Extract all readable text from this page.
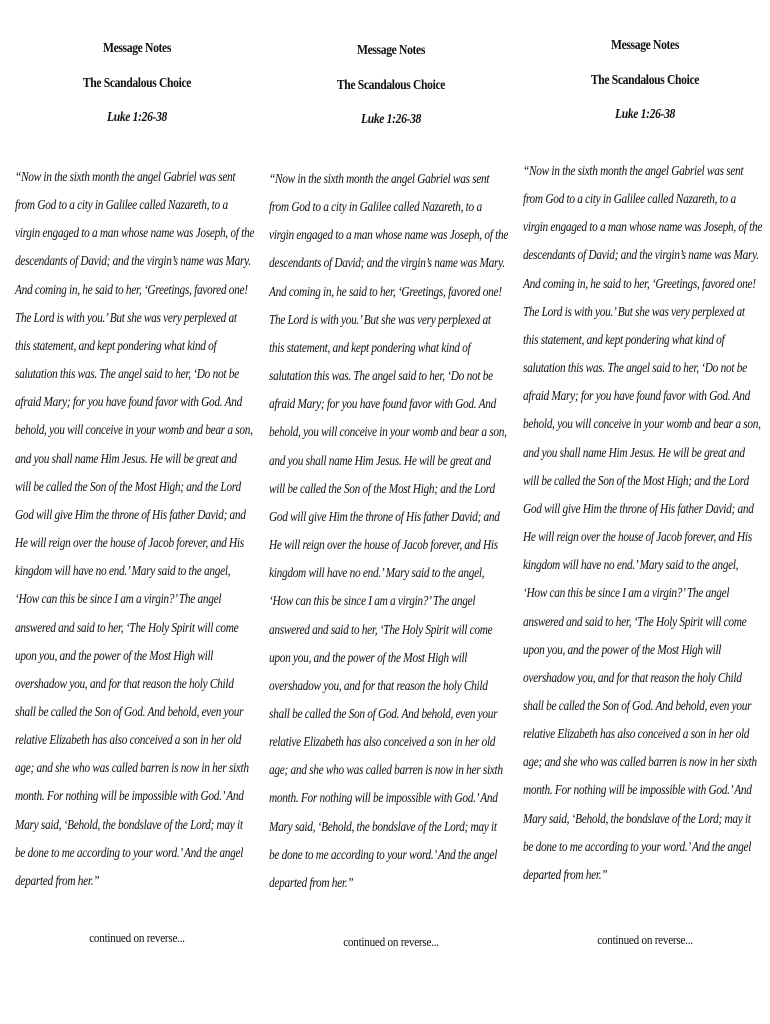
Message Notes
The Scandalous Choice
Luke 1:26-38

“Now in the sixth month the angel Gabriel was sent from God to a city in Galilee called Nazareth, to a virgin engaged to a man whose name was Joseph, of the descendants of David; and the virgin’s name was Mary. And coming in, he said to her, ‘Greetings, favored one! The Lord is with you.’ But she was very perplexed at this statement, and kept pondering what kind of salutation this was. The angel said to her, ‘Do not be afraid Mary; for you have found favor with God. And behold, you will conceive in your womb and bear a son, and you shall name Him Jesus. He will be great and will be called the Son of the Most High; and the Lord God will give Him the throne of His father David; and He will reign over the house of Jacob forever, and His kingdom will have no end.’ Mary said to the angel, ‘How can this be since I am a virgin?’ The angel answered and said to her, ‘The Holy Spirit will come upon you, and the power of the Most High will overshadow you, and for that reason the holy Child shall be called the Son of God. And behold, even your relative Elizabeth has also conceived a son in her old age; and she who was called barren is now in her sixth month. For nothing will be impossible with God.’ And Mary said, ‘Behold, the bondslave of the Lord; may it be done to me according to your word.’ And the angel departed from her.”

continued on reverse...
Message Notes
The Scandalous Choice
Luke 1:26-38

“Now in the sixth month the angel Gabriel was sent from God to a city in Galilee called Nazareth, to a virgin engaged to a man whose name was Joseph, of the descendants of David; and the virgin’s name was Mary. And coming in, he said to her, ‘Greetings, favored one! The Lord is with you.’ But she was very perplexed at this statement, and kept pondering what kind of salutation this was. The angel said to her, ‘Do not be afraid Mary; for you have found favor with God. And behold, you will conceive in your womb and bear a son, and you shall name Him Jesus. He will be great and will be called the Son of the Most High; and the Lord God will give Him the throne of His father David; and He will reign over the house of Jacob forever, and His kingdom will have no end.’ Mary said to the angel, ‘How can this be since I am a virgin?’ The angel answered and said to her, ‘The Holy Spirit will come upon you, and the power of the Most High will overshadow you, and for that reason the holy Child shall be called the Son of God. And behold, even your relative Elizabeth has also conceived a son in her old age; and she who was called barren is now in her sixth month. For nothing will be impossible with God.’ And Mary said, ‘Behold, the bondslave of the Lord; may it be done to me according to your word.’ And the angel departed from her.”

continued on reverse...
Message Notes
The Scandalous Choice
Luke 1:26-38

“Now in the sixth month the angel Gabriel was sent from God to a city in Galilee called Nazareth, to a virgin engaged to a man whose name was Joseph, of the descendants of David; and the virgin’s name was Mary. And coming in, he said to her, ‘Greetings, favored one! The Lord is with you.’ But she was very perplexed at this statement, and kept pondering what kind of salutation this was. The angel said to her, ‘Do not be afraid Mary; for you have found favor with God. And behold, you will conceive in your womb and bear a son, and you shall name Him Jesus. He will be great and will be called the Son of the Most High; and the Lord God will give Him the throne of His father David; and He will reign over the house of Jacob forever, and His kingdom will have no end.’ Mary said to the angel, ‘How can this be since I am a virgin?’ The angel answered and said to her, ‘The Holy Spirit will come upon you, and the power of the Most High will overshadow you, and for that reason the holy Child shall be called the Son of God. And behold, even your relative Elizabeth has also conceived a son in her old age; and she who was called barren is now in her sixth month. For nothing will be impossible with God.’ And Mary said, ‘Behold, the bondslave of the Lord; may it be done to me according to your word.’ And the angel departed from her.”

continued on reverse...
